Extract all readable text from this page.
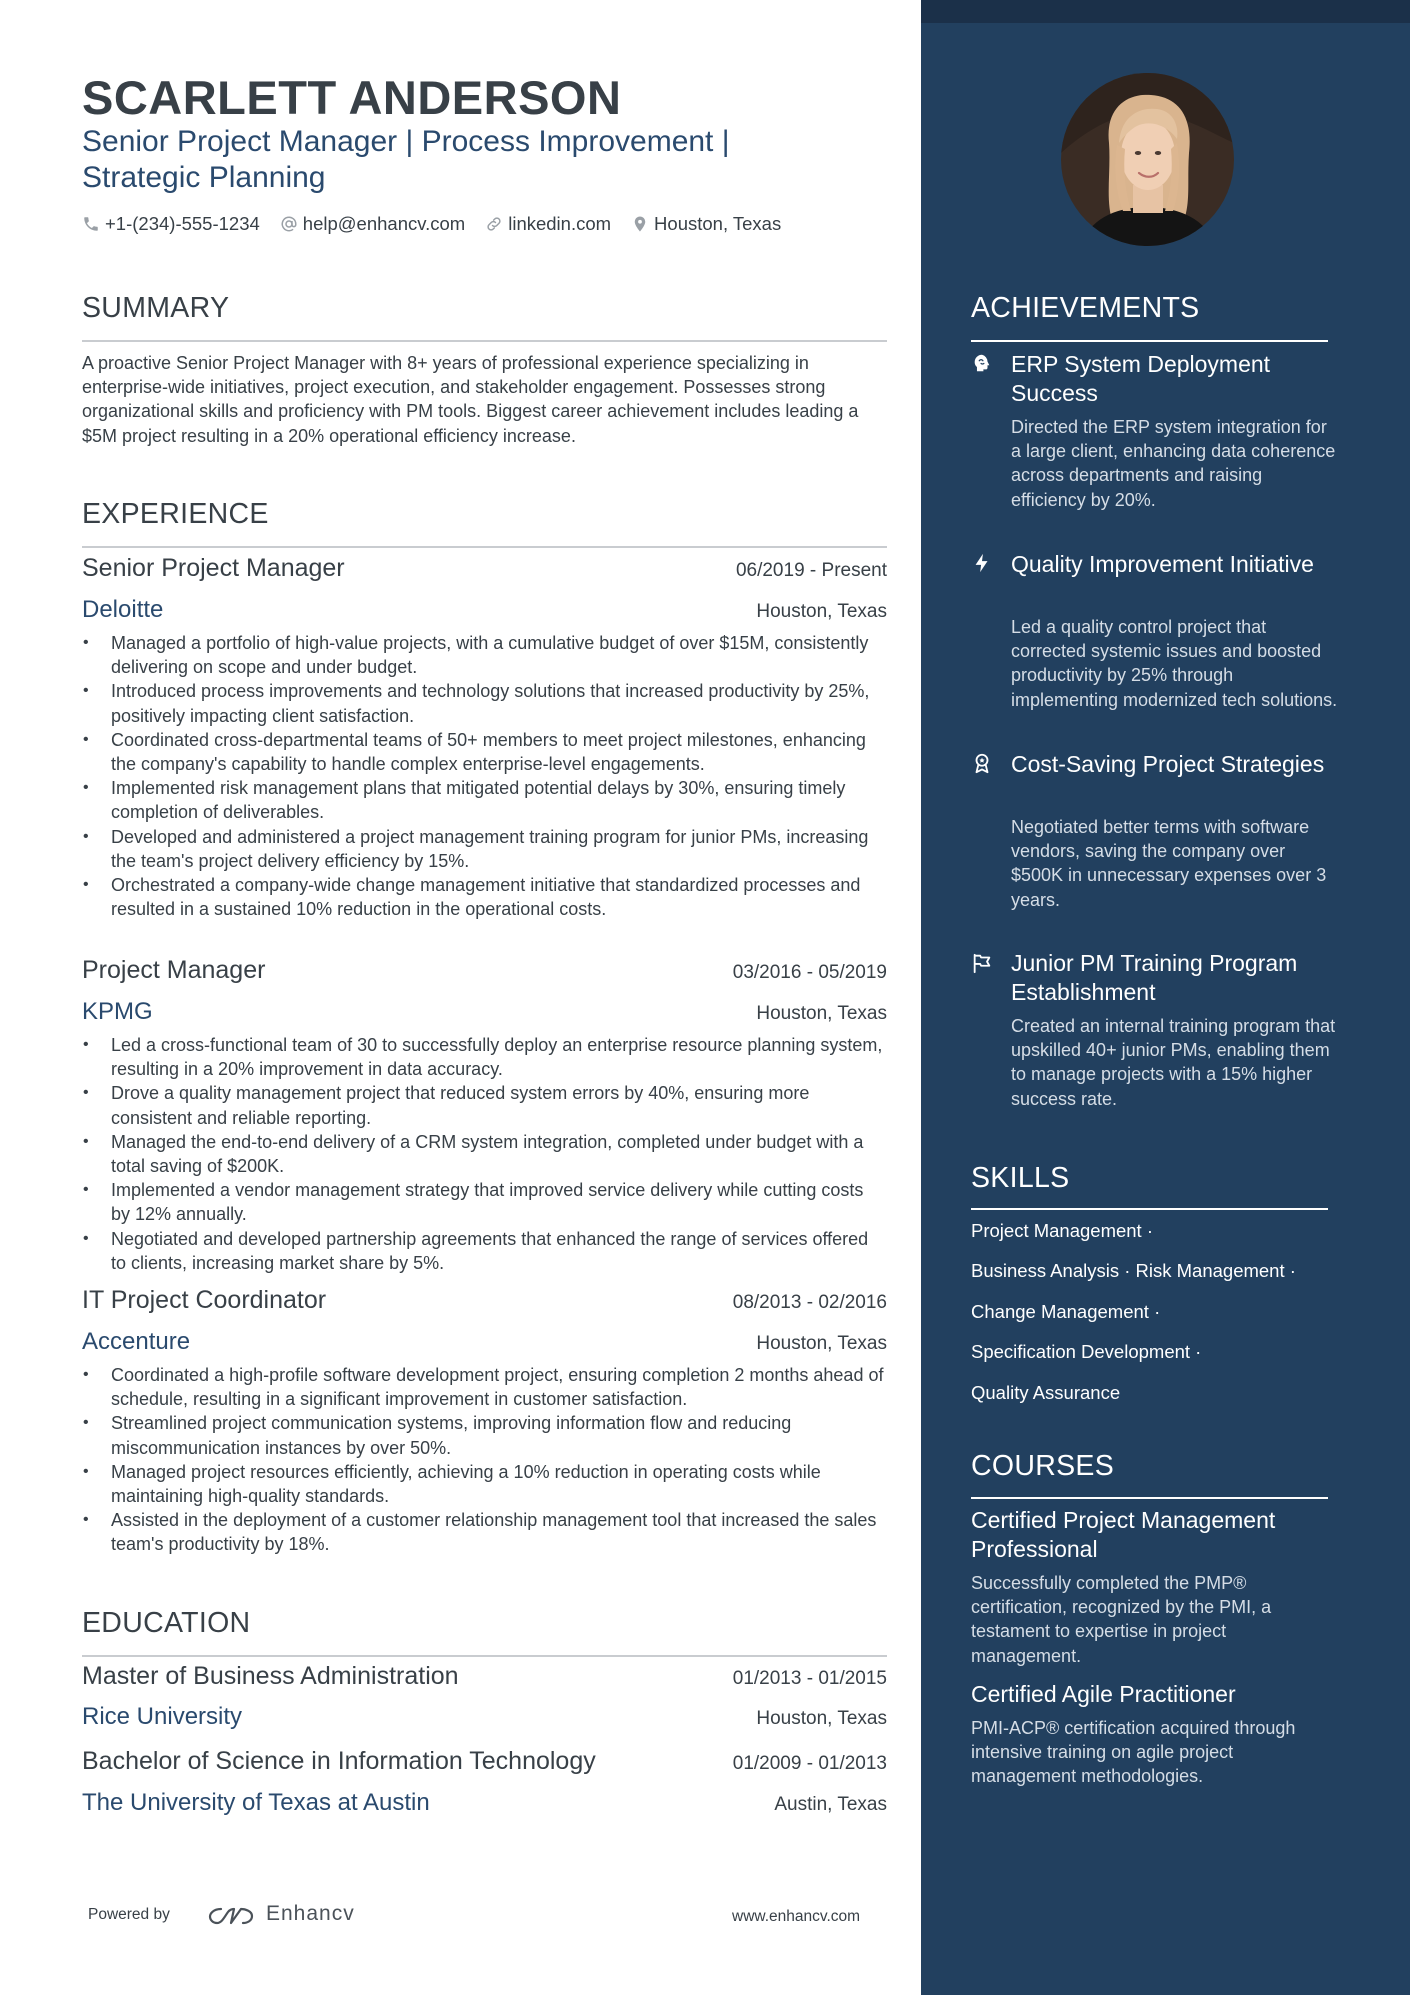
SCARLETT ANDERSON
Senior Project Manager | Process Improvement | Strategic Planning
+1-(234)-555-1234 help@enhancv.com linkedin.com Houston, Texas
SUMMARY
A proactive Senior Project Manager with 8+ years of professional experience specializing in enterprise-wide initiatives, project execution, and stakeholder engagement. Possesses strong organizational skills and proficiency with PM tools. Biggest career achievement includes leading a $5M project resulting in a 20% operational efficiency increase.
EXPERIENCE
Senior Project Manager	06/2019 - Present
Deloitte	Houston, Texas
• Managed a portfolio of high-value projects, with a cumulative budget of over $15M, consistently delivering on scope and under budget.
• Introduced process improvements and technology solutions that increased productivity by 25%, positively impacting client satisfaction.
• Coordinated cross-departmental teams of 50+ members to meet project milestones, enhancing the company's capability to handle complex enterprise-level engagements.
• Implemented risk management plans that mitigated potential delays by 30%, ensuring timely completion of deliverables.
• Developed and administered a project management training program for junior PMs, increasing the team's project delivery efficiency by 15%.
• Orchestrated a company-wide change management initiative that standardized processes and resulted in a sustained 10% reduction in the operational costs.
Project Manager	03/2016 - 05/2019
KPMG	Houston, Texas
• Led a cross-functional team of 30 to successfully deploy an enterprise resource planning system, resulting in a 20% improvement in data accuracy.
• Drove a quality management project that reduced system errors by 40%, ensuring more consistent and reliable reporting.
• Managed the end-to-end delivery of a CRM system integration, completed under budget with a total saving of $200K.
• Implemented a vendor management strategy that improved service delivery while cutting costs by 12% annually.
• Negotiated and developed partnership agreements that enhanced the range of services offered to clients, increasing market share by 5%.
IT Project Coordinator	08/2013 - 02/2016
Accenture	Houston, Texas
• Coordinated a high-profile software development project, ensuring completion 2 months ahead of schedule, resulting in a significant improvement in customer satisfaction.
• Streamlined project communication systems, improving information flow and reducing miscommunication instances by over 50%.
• Managed project resources efficiently, achieving a 10% reduction in operating costs while maintaining high-quality standards.
• Assisted in the deployment of a customer relationship management tool that increased the sales team's productivity by 18%.
EDUCATION
Master of Business Administration	01/2013 - 01/2015
Rice University	Houston, Texas
Bachelor of Science in Information Technology	01/2009 - 01/2013
The University of Texas at Austin	Austin, Texas
Powered by	Enhancv	www.enhancv.com
ACHIEVEMENTS
ERP System Deployment Success
Directed the ERP system integration for a large client, enhancing data coherence across departments and raising efficiency by 20%.
Quality Improvement Initiative
Led a quality control project that corrected systemic issues and boosted productivity by 25% through implementing modernized tech solutions.
Cost-Saving Project Strategies
Negotiated better terms with software vendors, saving the company over $500K in unnecessary expenses over 3 years.
Junior PM Training Program Establishment
Created an internal training program that upskilled 40+ junior PMs, enabling them to manage projects with a 15% higher success rate.
SKILLS
Project Management ·
Business Analysis · Risk Management ·
Change Management ·
Specification Development ·
Quality Assurance
COURSES
Certified Project Management Professional
Successfully completed the PMP® certification, recognized by the PMI, a testament to expertise in project management.
Certified Agile Practitioner
PMI-ACP® certification acquired through intensive training on agile project management methodologies.
